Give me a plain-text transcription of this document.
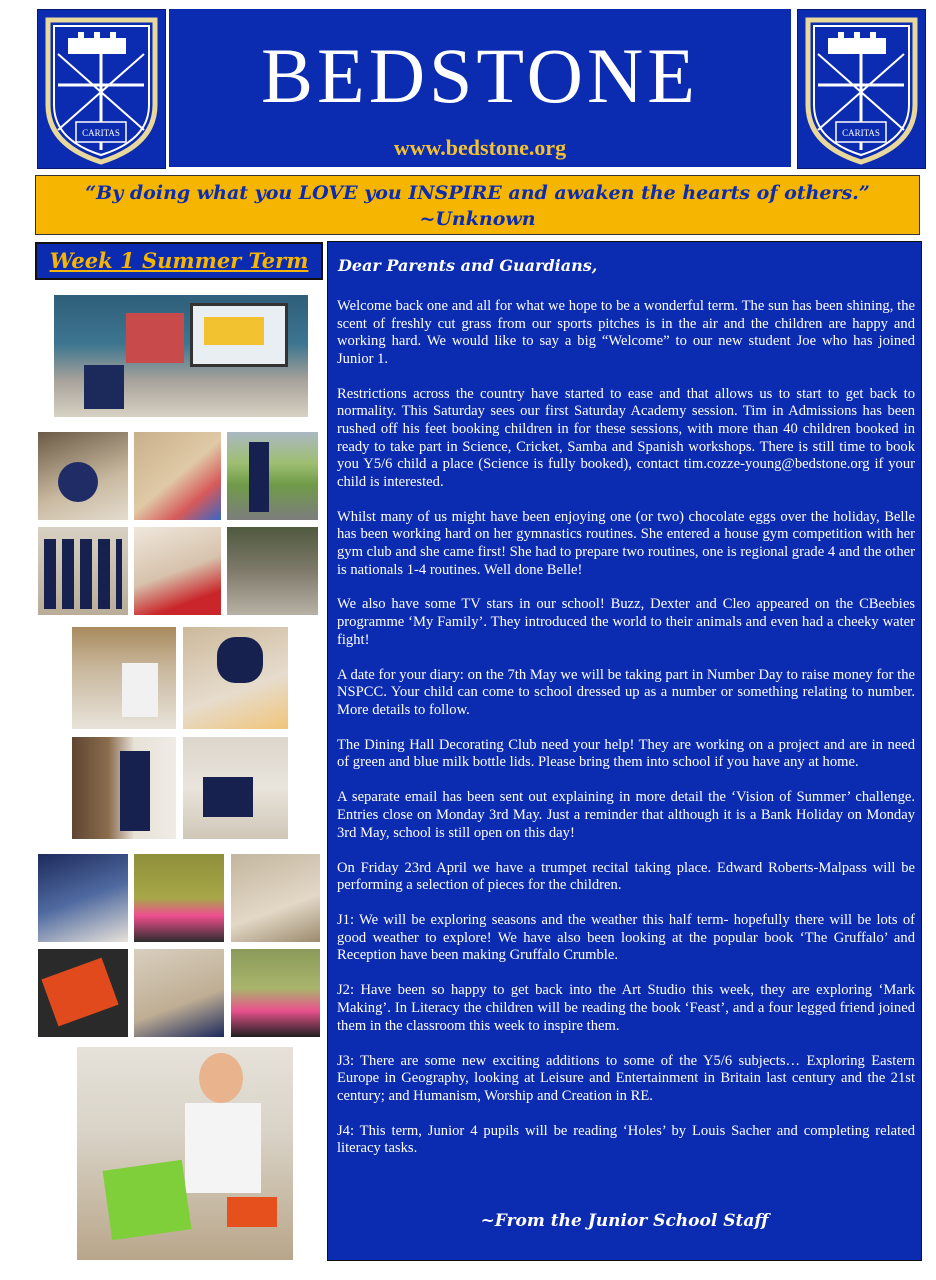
CARITAS
BEDSTONE
www.bedstone.org
CARITAS
“By doing what you LOVE you INSPIRE and awaken the hearts of others.”
~Unknown
Week 1 Summer Term	Dear Parents and Guardians,

Welcome back one and all for what we hope to be a wonderful term. The sun has been shining, the scent of freshly cut grass from our sports pitches is in the air and the children are happy and working hard. We would like to say a big “Welcome” to our new student Joe who has joined Junior 1.

Restrictions across the country have started to ease and that allows us to start to get back to normality. This Saturday sees our first Saturday Academy session. Tim in Admissions has been rushed off his feet booking children in for these sessions, with more than 40 children booked in ready to take part in Science, Cricket, Samba and Spanish workshops. There is still time to book you Y5/6 child a place (Science is fully booked), contact tim.cozze-young@bedstone.org if your child is interested.

Whilst many of us might have been enjoying one (or two) chocolate eggs over the holiday, Belle has been working hard on her gymnastics routines. She entered a house gym competition with her gym club and she came first! She had to prepare two routines, one is regional grade 4 and the other is nationals 1-4 routines. Well done Belle!

We also have some TV stars in our school! Buzz, Dexter and Cleo appeared on the CBeebies programme ‘My Family’. They introduced the world to their animals and even had a cheeky water fight!

A date for your diary: on the 7th May we will be taking part in Number Day to raise money for the NSPCC. Your child can come to school dressed up as a number or something relating to number. More details to follow.

The Dining Hall Decorating Club need your help! They are working on a project and are in need of green and blue milk bottle lids. Please bring them into school if you have any at home.

A separate email has been sent out explaining in more detail the ‘Vision of Summer’ challenge. Entries close on Monday 3rd May. Just a reminder that although it is a Bank Holiday on Monday 3rd May, school is still open on this day!

On Friday 23rd April we have a trumpet recital taking place. Edward Roberts-Malpass will be performing a selection of pieces for the children.

J1: We will be exploring seasons and the weather this half term- hopefully there will be lots of good weather to explore! We have also been looking at the popular book ‘The Gruffalo’ and Reception have been making Gruffalo Crumble.

J2: Have been so happy to get back into the Art Studio this week, they are exploring ‘Mark Making’. In Literacy the children will be reading the book ‘Feast’, and a four legged friend joined them in the classroom this week to inspire them.

J3: There are some new exciting additions to some of the Y5/6 subjects… Exploring Eastern Europe in Geography, looking at Leisure and Entertainment in Britain last century and the 21st century; and Humanism, Worship and Creation in RE.

J4: This term, Junior 4 pupils will be reading ‘Holes’ by Louis Sacher and completing related literacy tasks.

~From the Junior School Staff
